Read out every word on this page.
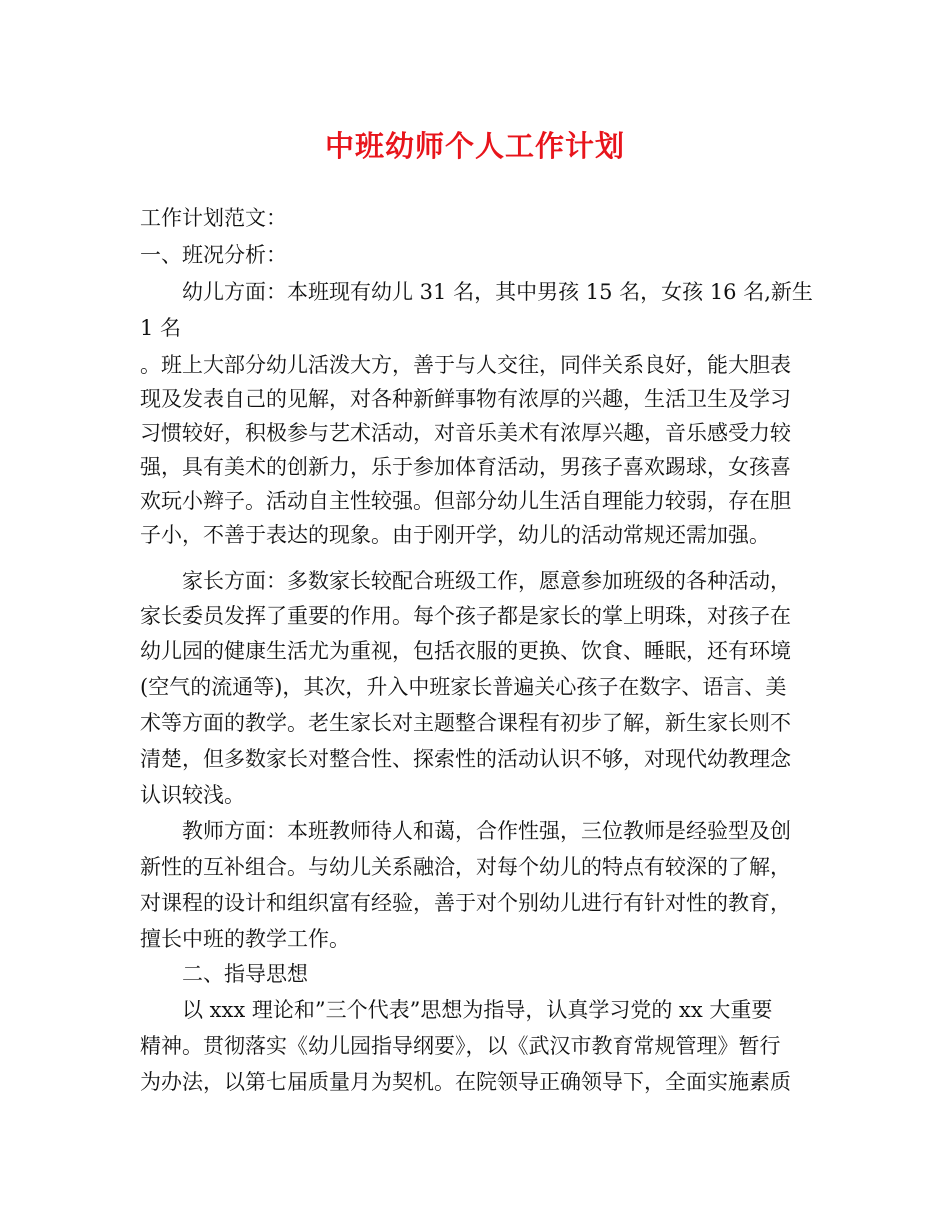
中班幼师个人工作计划
工作计划范文：
一、班况分析：
　　幼儿方面：本班现有幼儿 31 名，其中男孩 15 名，女孩 16 名,新生
1 名
。班上大部分幼儿活泼大方，善于与人交往，同伴关系良好，能大胆表
现及发表自己的见解，对各种新鲜事物有浓厚的兴趣，生活卫生及学习
习惯较好，积极参与艺术活动，对音乐美术有浓厚兴趣，音乐感受力较
强，具有美术的创新力，乐于参加体育活动，男孩子喜欢踢球，女孩喜
欢玩小辫子。活动自主性较强。但部分幼儿生活自理能力较弱，存在胆
子小，不善于表达的现象。由于刚开学，幼儿的活动常规还需加强。
　　家长方面：多数家长较配合班级工作，愿意参加班级的各种活动，
家长委员发挥了重要的作用。每个孩子都是家长的掌上明珠，对孩子在
幼儿园的健康生活尤为重视，包括衣服的更换、饮食、睡眠，还有环境
(空气的流通等)，其次，升入中班家长普遍关心孩子在数字、语言、美
术等方面的教学。老生家长对主题整合课程有初步了解，新生家长则不
清楚，但多数家长对整合性、探索性的活动认识不够，对现代幼教理念
认识较浅。
　　教师方面：本班教师待人和蔼，合作性强，三位教师是经验型及创
新性的互补组合。与幼儿关系融洽，对每个幼儿的特点有较深的了解，
对课程的设计和组织富有经验，善于对个别幼儿进行有针对性的教育，
擅长中班的教学工作。
　　二、指导思想
　　以 xxx 理论和”三个代表”思想为指导，认真学习党的 xx 大重要
精神。贯彻落实《幼儿园指导纲要》，以《武汉市教育常规管理》暂行
为办法，以第七届质量月为契机。在院领导正确领导下，全面实施素质
